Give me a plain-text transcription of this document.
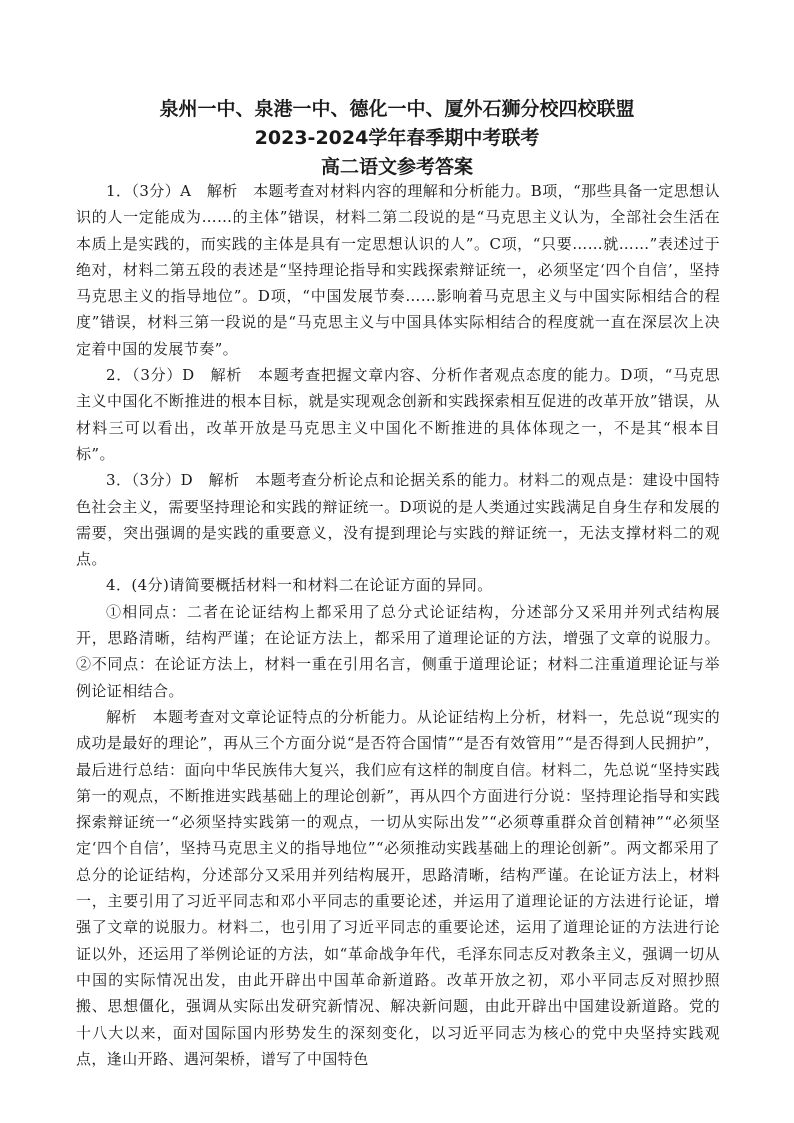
泉州一中、泉港一中、德化一中、厦外石狮分校四校联盟
2023-2024学年春季期中考联考
高二语文参考答案

1．（3分）A　解析　本题考查对材料内容的理解和分析能力。B项，“那些具备一定思想认识的人一定能成为……的主体”错误，材料二第二段说的是“马克思主义认为，全部社会生活在本质上是实践的，而实践的主体是具有一定思想认识的人”。C项，“只要……就……”表述过于绝对，材料二第五段的表述是“坚持理论指导和实践探索辩证统一，必须坚定‘四个自信’，坚持马克思主义的指导地位”。D项，“中国发展节奏……影响着马克思主义与中国实际相结合的程度”错误，材料三第一段说的是“马克思主义与中国具体实际相结合的程度就一直在深层次上决定着中国的发展节奏”。

2．（3分）D　解析　本题考查把握文章内容、分析作者观点态度的能力。D项，“马克思主义中国化不断推进的根本目标，就是实现观念创新和实践探索相互促进的改革开放”错误，从材料三可以看出，改革开放是马克思主义中国化不断推进的具体体现之一，不是其“根本目标”。

3．（3分）D　解析　本题考查分析论点和论据关系的能力。材料二的观点是：建设中国特色社会主义，需要坚持理论和实践的辩证统一。D项说的是人类通过实践满足自身生存和发展的需要，突出强调的是实践的重要意义，没有提到理论与实践的辩证统一，无法支撑材料二的观点。

4．(4分)请简要概括材料一和材料二在论证方面的异同。

①相同点：二者在论证结构上都采用了总分式论证结构，分述部分又采用并列式结构展开，思路清晰，结构严谨；在论证方法上，都采用了道理论证的方法，增强了文章的说服力。②不同点：在论证方法上，材料一重在引用名言，侧重于道理论证；材料二注重道理论证与举例论证相结合。

解析　本题考查对文章论证特点的分析能力。从论证结构上分析，材料一，先总说“现实的成功是最好的理论”，再从三个方面分说“是否符合国情”“是否有效管用”“是否得到人民拥护”，最后进行总结：面向中华民族伟大复兴，我们应有这样的制度自信。材料二，先总说“坚持实践第一的观点，不断推进实践基础上的理论创新”，再从四个方面进行分说：坚持理论指导和实践探索辩证统一“必须坚持实践第一的观点，一切从实际出发”“必须尊重群众首创精神”“必须坚定‘四个自信’，坚持马克思主义的指导地位”“必须推动实践基础上的理论创新”。两文都采用了总分的论证结构，分述部分又采用并列结构展开，思路清晰，结构严谨。在论证方法上，材料一，主要引用了习近平同志和邓小平同志的重要论述，并运用了道理论证的方法进行论证，增强了文章的说服力。材料二，也引用了习近平同志的重要论述，运用了道理论证的方法进行论证以外，还运用了举例论证的方法，如“革命战争年代，毛泽东同志反对教条主义，强调一切从中国的实际情况出发，由此开辟出中国革命新道路。改革开放之初，邓小平同志反对照抄照搬、思想僵化，强调从实际出发研究新情况、解决新问题，由此开辟出中国建设新道路。党的十八大以来，面对国际国内形势发生的深刻变化，以习近平同志为核心的党中央坚持实践观点，逢山开路、遇河架桥，谱写了中国特色
